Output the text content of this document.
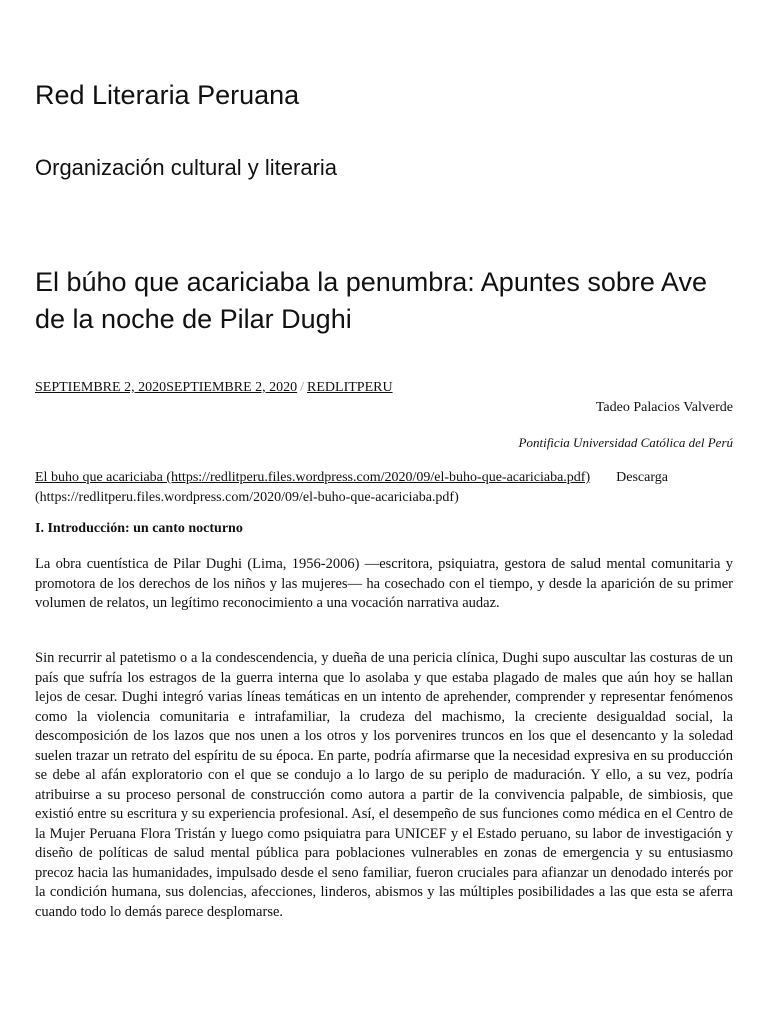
Red Literaria Peruana
Organización cultural y literaria
El búho que acariciaba la penumbra: Apuntes sobre Ave de la noche de Pilar Dughi
SEPTIEMBRE 2, 2020SEPTIEMBRE 2, 2020 / REDLITPERU
Tadeo Palacios Valverde
Pontificia Universidad Católica del Perú
El buho que acariciaba (https://redlitperu.files.wordpress.com/2020/09/el-buho-que-acariciaba.pdf) Descarga (https://redlitperu.files.wordpress.com/2020/09/el-buho-que-acariciaba.pdf)
I. Introducción: un canto nocturno

La obra cuentística de Pilar Dughi (Lima, 1956-2006) —escritora, psiquiatra, gestora de salud mental comunitaria y promotora de los derechos de los niños y las mujeres— ha cosechado con el tiempo, y desde la aparición de su primer volumen de relatos, un legítimo reconocimiento a una vocación narrativa audaz.

Sin recurrir al patetismo o a la condescendencia, y dueña de una pericia clínica, Dughi supo auscultar las costuras de un país que sufría los estragos de la guerra interna que lo asolaba y que estaba plagado de males que aún hoy se hallan lejos de cesar. Dughi integró varias líneas temáticas en un intento de aprehender, comprender y representar fenómenos como la violencia comunitaria e intrafamiliar, la crudeza del machismo, la creciente desigualdad social, la descomposición de los lazos que nos unen a los otros y los porvenires truncos en los que el desencanto y la soledad suelen trazar un retrato del espíritu de su época. En parte, podría afirmarse que la necesidad expresiva en su producción se debe al afán exploratorio con el que se condujo a lo largo de su periplo de maduración. Y ello, a su vez, podría atribuirse a su proceso personal de construcción como autora a partir de la convivencia palpable, de simbiosis, que existió entre su escritura y su experiencia profesional. Así, el desempeño de sus funciones como médica en el Centro de la Mujer Peruana Flora Tristán y luego como psiquiatra para UNICEF y el Estado peruano, su labor de investigación y diseño de políticas de salud mental pública para poblaciones vulnerables en zonas de emergencia y su entusiasmo precoz hacia las humanidades, impulsado desde el seno familiar, fueron cruciales para afianzar un denodado interés por la condición humana, sus dolencias, afecciones, linderos, abismos y las múltiples posibilidades a las que esta se aferra cuando todo lo demás parece desplomarse.
